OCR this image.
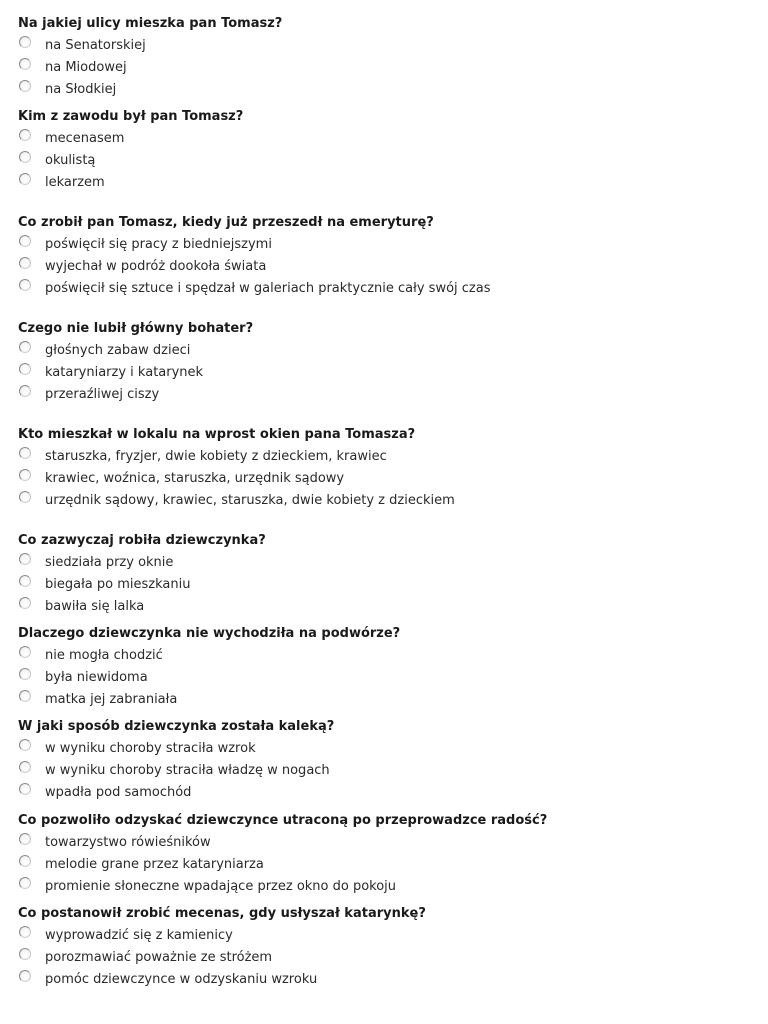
Na jakiej ulicy mieszka pan Tomasz?
na Senatorskiej
na Miodowej
na Słodkiej
Kim z zawodu był pan Tomasz?
mecenasem
okulistą
lekarzem
Co zrobił pan Tomasz, kiedy już przeszedł na emeryturę?
poświęcił się pracy z biedniejszymi
wyjechał w podróż dookoła świata
poświęcił się sztuce i spędzał w galeriach praktycznie cały swój czas
Czego nie lubił główny bohater?
głośnych zabaw dzieci
kataryniarzy i katarynek
przeraźliwej ciszy
Kto mieszkał w lokalu na wprost okien pana Tomasza?
staruszka, fryzjer, dwie kobiety z dzieckiem, krawiec
krawiec, woźnica, staruszka, urzędnik sądowy
urzędnik sądowy, krawiec, staruszka, dwie kobiety z dzieckiem
Co zazwyczaj robiła dziewczynka?
siedziała przy oknie
biegała po mieszkaniu
bawiła się lalka
Dlaczego dziewczynka nie wychodziła na podwórze?
nie mogła chodzić
była niewidoma
matka jej zabraniała
W jaki sposób dziewczynka została kaleką?
w wyniku choroby straciła wzrok
w wyniku choroby straciła władzę w nogach
wpadła pod samochód
Co pozwoliło odzyskać dziewczynce utraconą po przeprowadzce radość?
towarzystwo rówieśników
melodie grane przez kataryniarza
promienie słoneczne wpadające przez okno do pokoju
Co postanowił zrobić mecenas, gdy usłyszał katarynkę?
wyprowadzić się z kamienicy
porozmawiać poważnie ze stróżem
pomóc dziewczynce w odzyskaniu wzroku
